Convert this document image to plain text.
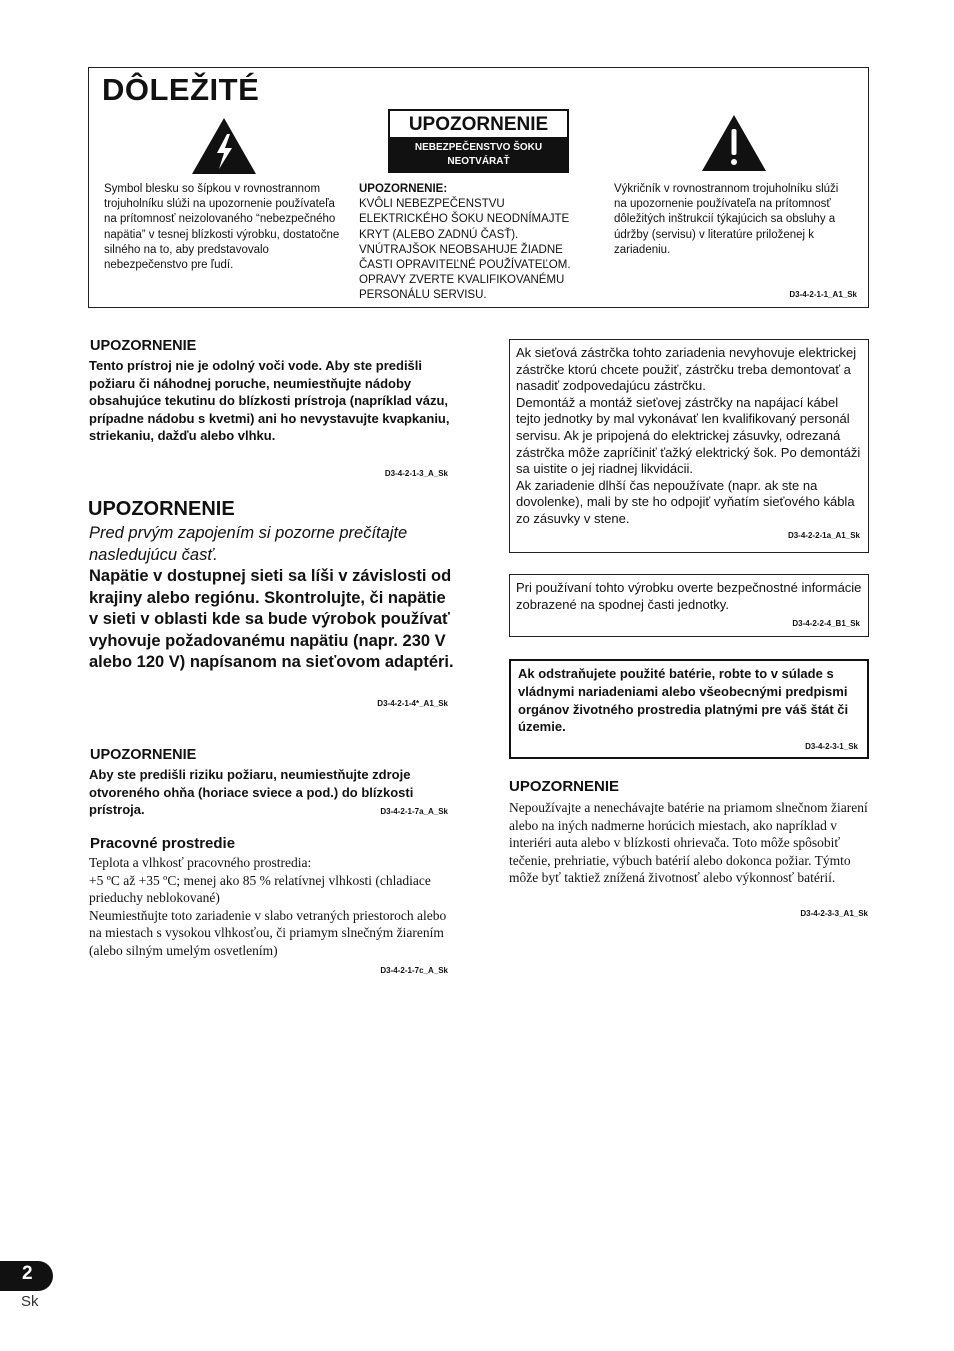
DÔLEŽITÉ
UPOZORNENIE
NEBEZPEČENSTVO ŠOKU NEOTVÁRAŤ
Symbol blesku so šípkou v rovnostrannom trojuholníku slúži na upozornenie používateľa na prítomnosť neizolovaného “nebezpečného napätia” v tesnej blízkosti výrobku, dostatočne silného na to, aby predstavovalo nebezpečenstvo pre ľudí.
UPOZORNENIE:
KVÔLI NEBEZPEČENSTVU ELEKTRICKÉHO ŠOKU NEODNÍMAJTE KRYT (ALEBO ZADNÚ ČASŤ). VNÚTRAJŠOK NEOBSAHUJE ŽIADNE ČASTI OPRAVITEĽNÉ POUŽÍVATEĽOM. OPRAVY ZVERTE KVALIFIKOVANÉMU PERSONÁLU SERVISU.
Výkričník v rovnostrannom trojuholníku slúži na upozornenie používateľa na prítomnosť dôležitých inštrukcií týkajúcich sa obsluhy a údržby (servisu) v literatúre priloženej k zariadeniu.
D3-4-2-1-1_A1_Sk
UPOZORNENIE
Tento prístroj nie je odolný voči vode. Aby ste predišli požiaru či náhodnej poruche, neumiestňujte nádoby obsahujúce tekutinu do blízkosti prístroja (napríklad vázu, prípadne nádobu s kvetmi) ani ho nevystavujte kvapkaniu, striekaniu, dažďu alebo vlhku.
D3-4-2-1-3_A_Sk
UPOZORNENIE
Pred prvým zapojením si pozorne prečítajte nasledujúcu časť.
Napätie v dostupnej sieti sa líši v závislosti od krajiny alebo regiónu. Skontrolujte, či napätie v sieti v oblasti kde sa bude výrobok používať vyhovuje požadovanému napätiu (napr. 230 V alebo 120 V) napísanom na sieťovom adaptéri.
D3-4-2-1-4*_A1_Sk
UPOZORNENIE
Aby ste predišli riziku požiaru, neumiestňujte zdroje otvoreného ohňa (horiace sviece a pod.) do blízkosti prístroja.	D3-4-2-1-7a_A_Sk
Pracovné prostredie
Teplota a vlhkosť pracovného prostredia:
+5 ºC až +35 ºC; menej ako 85 % relatívnej vlhkosti (chladiace prieduchy neblokované)
Neumiestňujte toto zariadenie v slabo vetraných priestoroch alebo na miestach s vysokou vlhkosťou, či priamym slnečným žiarením (alebo silným umelým osvetlením)
D3-4-2-1-7c_A_Sk
Ak sieťová zástrčka tohto zariadenia nevyhovuje elektrickej zástrčke ktorú chcete použiť, zástrčku treba demontovať a nasadiť zodpovedajúcu zástrčku.
Demontáž a montáž sieťovej zástrčky na napájací kábel tejto jednotky by mal vykonávať len kvalifikovaný personál servisu. Ak je pripojená do elektrickej zásuvky, odrezaná zástrčka môže zapríčiniť ťažký elektrický šok. Po demontáži sa uistite o jej riadnej likvidácii.
Ak zariadenie dlhší čas nepoužívate (napr. ak ste na dovolenke), mali by ste ho odpojiť vyňatím sieťového kábla zo zásuvky v stene.
D3-4-2-2-1a_A1_Sk
Pri používaní tohto výrobku overte bezpečnostné informácie zobrazené na spodnej časti jednotky.
D3-4-2-2-4_B1_Sk
Ak odstraňujete použité batérie, robte to v súlade s vládnymi nariadeniami alebo všeobecnými predpismi orgánov životného prostredia platnými pre váš štát či územie.
D3-4-2-3-1_Sk
UPOZORNENIE
Nepoužívajte a nenechávajte batérie na priamom slnečnom žiarení alebo na iných nadmerne horúcich miestach, ako napríklad v interiéri auta alebo v blízkosti ohrievača. Toto môže spôsobiť tečenie, prehriatie, výbuch batérií alebo dokonca požiar. Týmto môže byť taktiež znížená životnosť alebo výkonnosť batérií.
D3-4-2-3-3_A1_Sk
2
Sk
